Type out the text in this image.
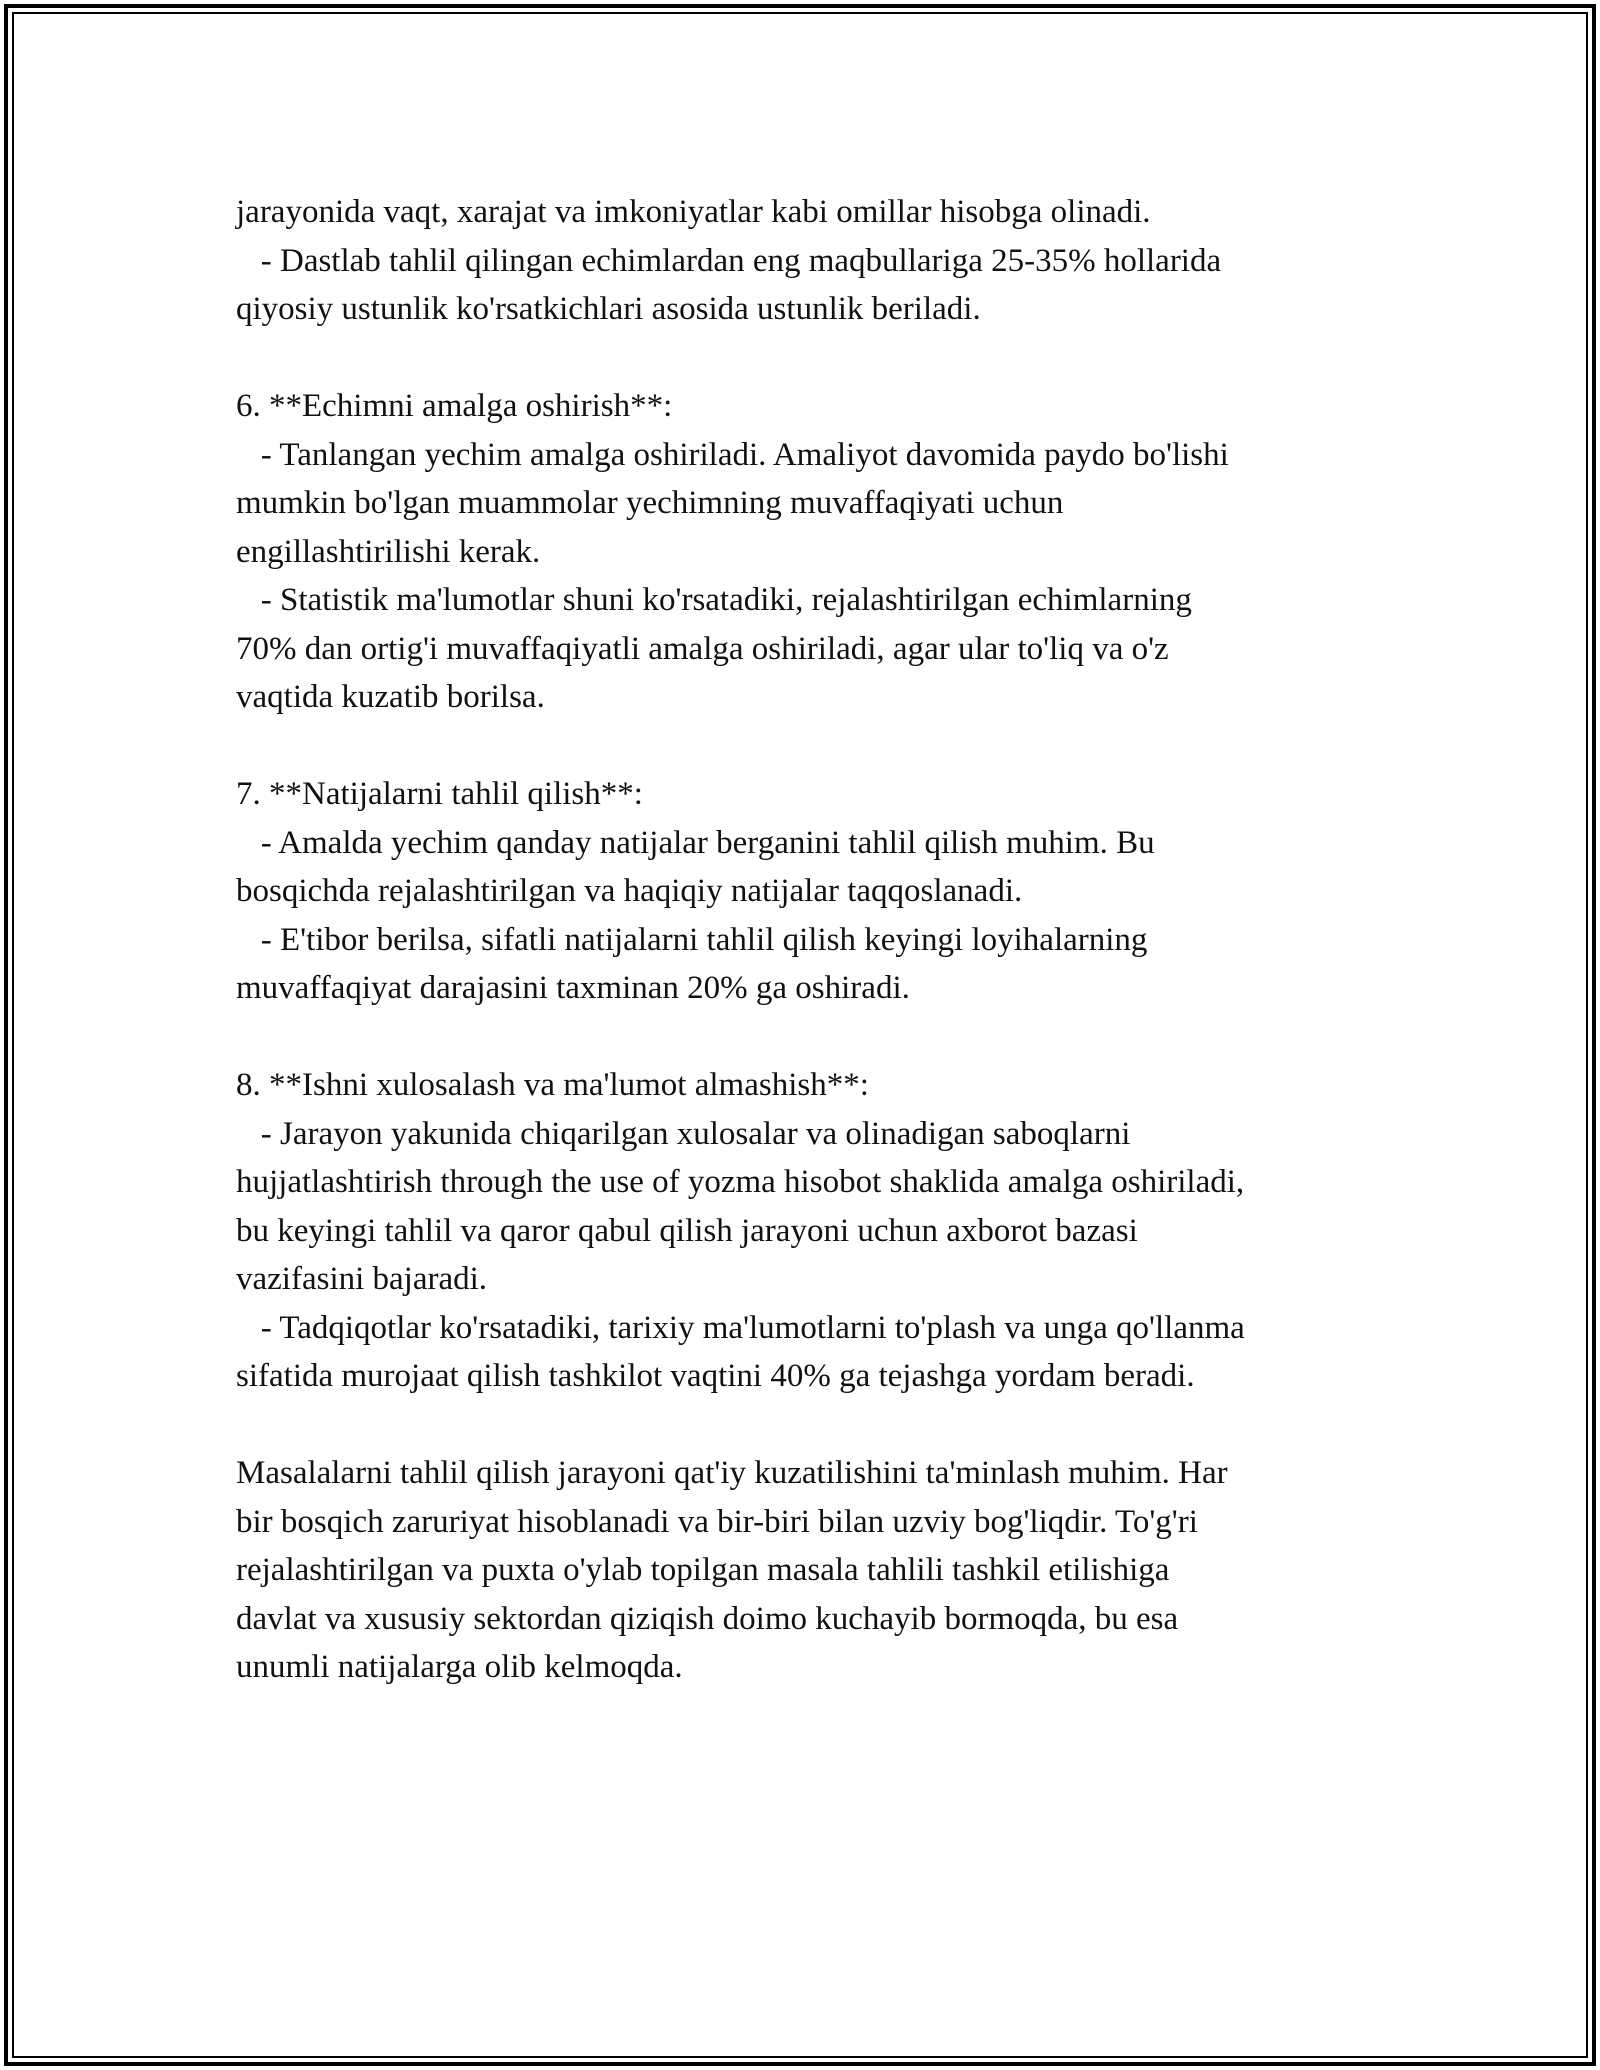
jarayonida vaqt, xarajat va imkoniyatlar kabi omillar hisobga olinadi.
- Dastlab tahlil qilingan echimlardan eng maqbullariga 25-35% hollarida
qiyosiy ustunlik ko'rsatkichlari asosida ustunlik beriladi.
6. **Echimni amalga oshirish**:
- Tanlangan yechim amalga oshiriladi. Amaliyot davomida paydo bo'lishi
mumkin bo'lgan muammolar yechimning muvaffaqiyati uchun
engillashtirilishi kerak.
- Statistik ma'lumotlar shuni ko'rsatadiki, rejalashtirilgan echimlarning
70% dan ortig'i muvaffaqiyatli amalga oshiriladi, agar ular to'liq va o'z
vaqtida kuzatib borilsa.
7. **Natijalarni tahlil qilish**:
- Amalda yechim qanday natijalar berganini tahlil qilish muhim. Bu
bosqichda rejalashtirilgan va haqiqiy natijalar taqqoslanadi.
- E'tibor berilsa, sifatli natijalarni tahlil qilish keyingi loyihalarning
muvaffaqiyat darajasini taxminan 20% ga oshiradi.
8. **Ishni xulosalash va ma'lumot almashish**:
- Jarayon yakunida chiqarilgan xulosalar va olinadigan saboqlarni
hujjatlashtirish through the use of yozma hisobot shaklida amalga oshiriladi,
bu keyingi tahlil va qaror qabul qilish jarayoni uchun axborot bazasi
vazifasini bajaradi.
- Tadqiqotlar ko'rsatadiki, tarixiy ma'lumotlarni to'plash va unga qo'llanma
sifatida murojaat qilish tashkilot vaqtini 40% ga tejashga yordam beradi.
Masalalarni tahlil qilish jarayoni qat'iy kuzatilishini ta'minlash muhim. Har
bir bosqich zaruriyat hisoblanadi va bir-biri bilan uzviy bog'liqdir. To'g'ri
rejalashtirilgan va puxta o'ylab topilgan masala tahlili tashkil etilishiga
davlat va xususiy sektordan qiziqish doimo kuchayib bormoqda, bu esa
unumli natijalarga olib kelmoqda.
